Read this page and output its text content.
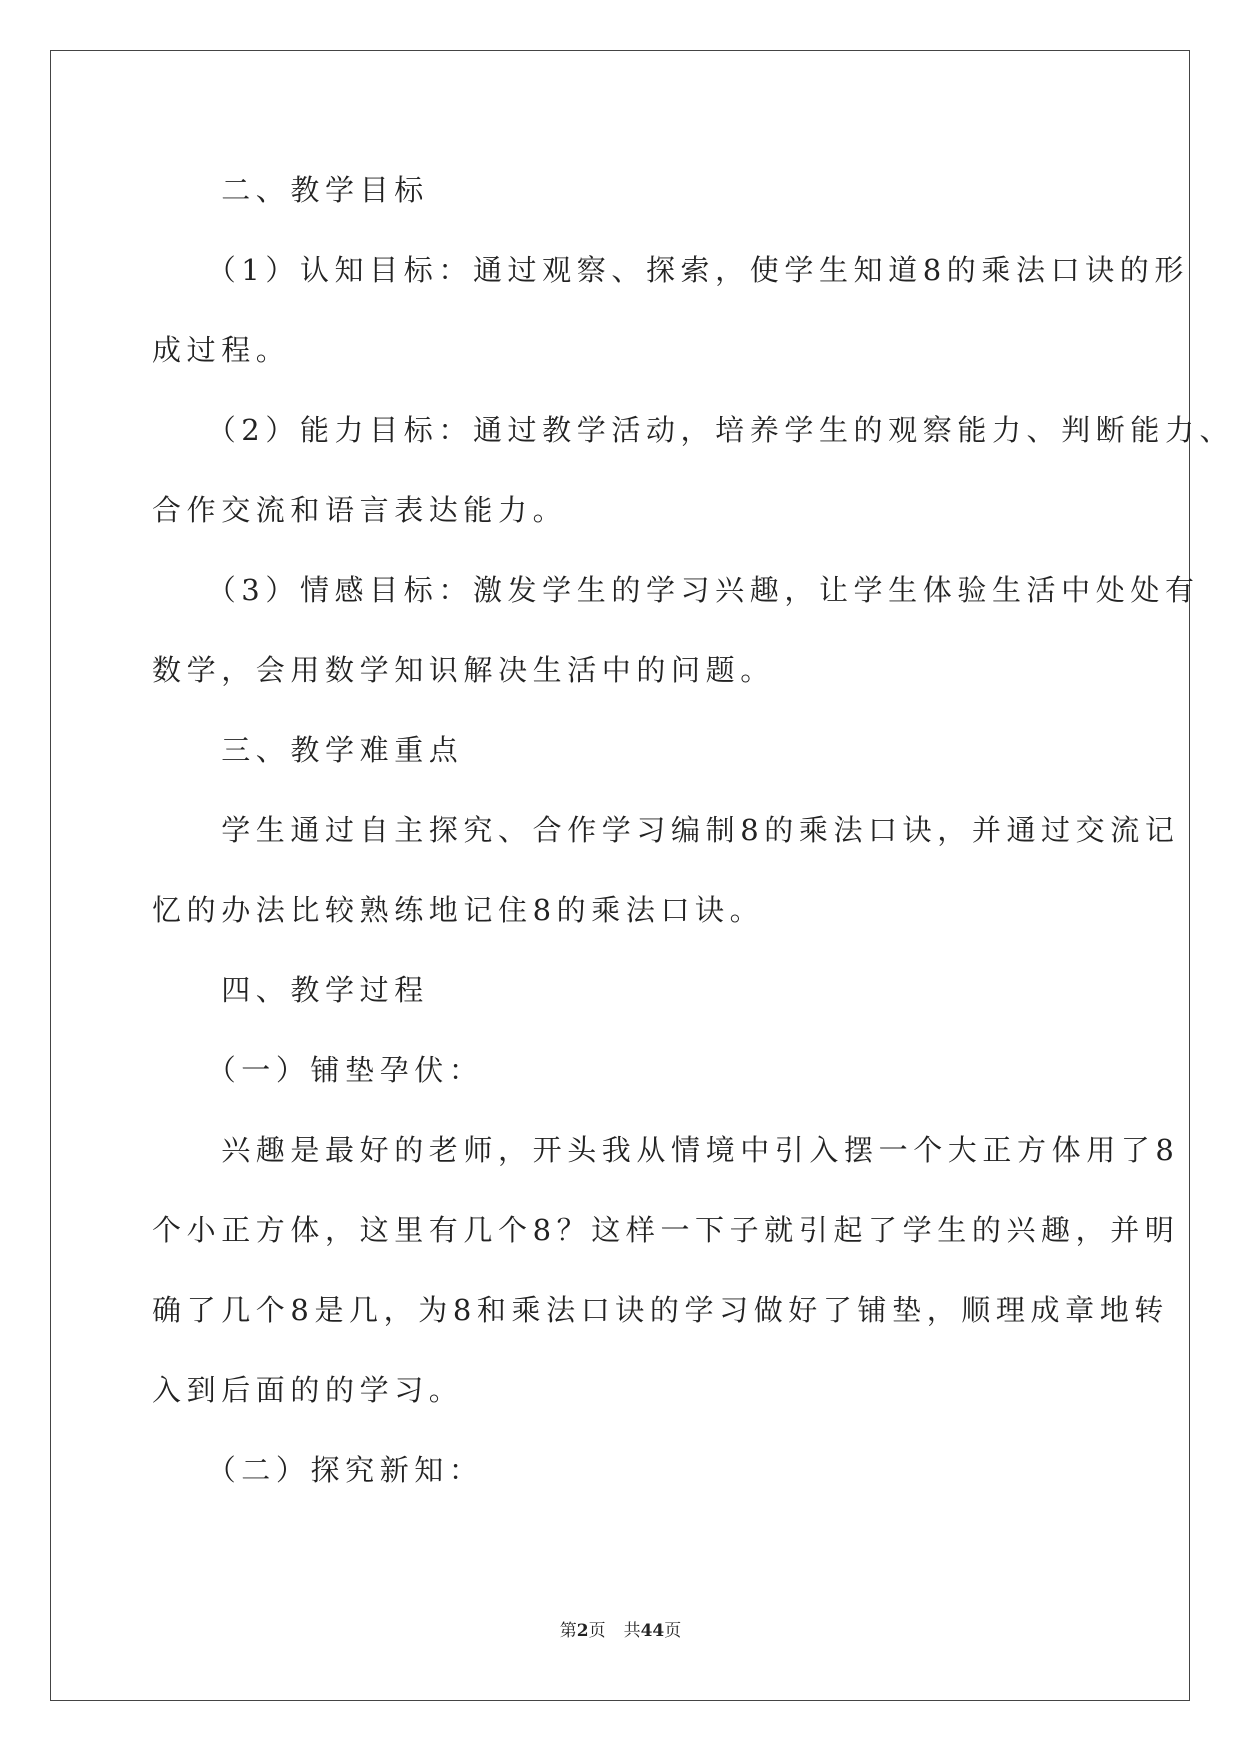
　　二、教学目标
　　（1）认知目标：通过观察、探索，使学生知道8的乘法口诀的形
成过程。
　　（2）能力目标：通过教学活动，培养学生的观察能力、判断能力、
合作交流和语言表达能力。
　　（3）情感目标：激发学生的学习兴趣，让学生体验生活中处处有
数学，会用数学知识解决生活中的问题。
　　三、教学难重点
　　学生通过自主探究、合作学习编制8的乘法口诀，并通过交流记
忆的办法比较熟练地记住8的乘法口诀。
　　四、教学过程
　　（一）铺垫孕伏：
　　兴趣是最好的老师，开头我从情境中引入摆一个大正方体用了8
个小正方体，这里有几个8？这样一下子就引起了学生的兴趣，并明
确了几个8是几，为8和乘法口诀的学习做好了铺垫，顺理成章地转
入到后面的的学习。
　　（二）探究新知：
第2页 共44页
